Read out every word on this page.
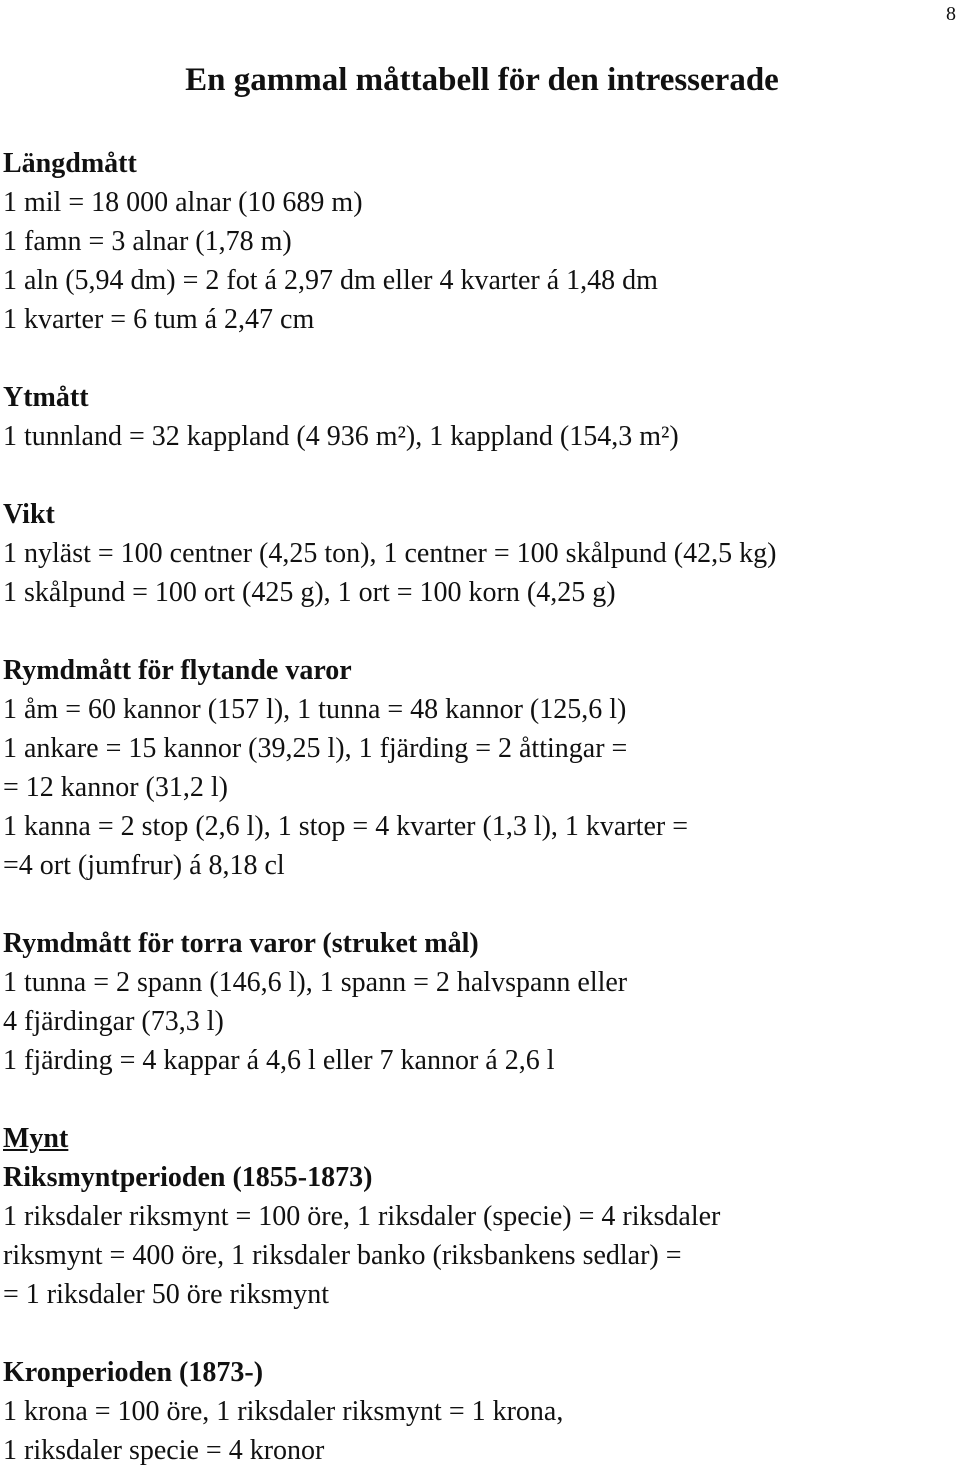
8
En gammal måttabell för den intresserade

Längdmått

1 mil = 18 000 alnar (10 689 m)

1 famn = 3 alnar (1,78 m)

1 aln (5,94 dm) = 2 fot á 2,97 dm eller 4 kvarter á 1,48 dm

1 kvarter = 6 tum á 2,47 cm

Ytmått

1 tunnland = 32 kappland (4 936 m²), 1 kappland (154,3 m²)

Vikt

1 nyläst = 100 centner (4,25 ton), 1 centner = 100 skålpund (42,5 kg)

1 skålpund = 100 ort (425 g), 1 ort = 100 korn (4,25 g)

Rymdmått för flytande varor

1 åm = 60 kannor (157 l), 1 tunna = 48 kannor (125,6 l)

1 ankare = 15 kannor (39,25 l), 1 fjärding = 2 åttingar =

= 12 kannor (31,2 l)

1 kanna = 2 stop (2,6 l), 1 stop = 4 kvarter (1,3 l), 1 kvarter =

=4 ort (jumfrur) á 8,18 cl

Rymdmått för torra varor (struket mål)

1 tunna = 2 spann (146,6 l), 1 spann = 2 halvspann eller

4 fjärdingar (73,3 l)

1 fjärding = 4 kappar á 4,6 l eller 7 kannor á 2,6 l

Mynt

Riksmyntperioden (1855-1873)

1 riksdaler riksmynt = 100 öre, 1 riksdaler (specie) = 4 riksdaler

riksmynt = 400 öre, 1 riksdaler banko (riksbankens sedlar) =

= 1 riksdaler 50 öre riksmynt

Kronperioden (1873-)

1 krona = 100 öre, 1 riksdaler riksmynt = 1 krona,

1 riksdaler specie = 4 kronor
